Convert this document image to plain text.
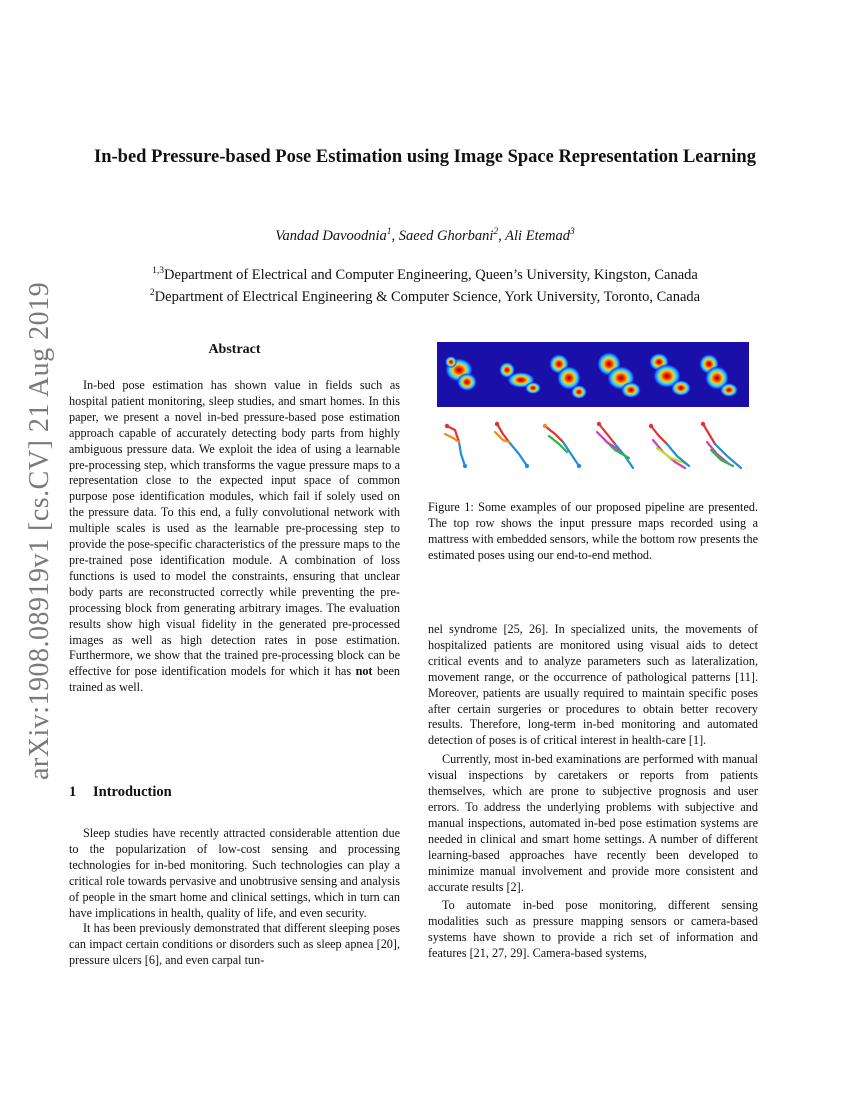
arXiv:1908.08919v1 [cs.CV] 21 Aug 2019
In-bed Pressure-based Pose Estimation using Image Space Representation Learning
Vandad Davoodnia$^1$, Saeed Ghorbani$^2$, Ali Etemad$^3$
$^{1,3}$Department of Electrical and Computer Engineering, Queen’s University, Kingston, Canada
$^2$Department of Electrical Engineering & Computer Science, York University, Toronto, Canada
Abstract

In-bed pose estimation has shown value in fields such as hospital patient monitoring, sleep studies, and smart homes. In this paper, we present a novel in-bed pressure-based pose estimation approach capable of accurately detecting body parts from highly ambiguous pressure data. We exploit the idea of using a learnable pre-processing step, which transforms the vague pressure maps to a representation close to the expected input space of common purpose pose identification modules, which fail if solely used on the pressure data. To this end, a fully convolutional network with multiple scales is used as the learnable pre-processing step to provide the pose-specific characteristics of the pressure maps to the pre-trained pose identification module. A combination of loss functions is used to model the constraints, ensuring that unclear body parts are reconstructed correctly while preventing the pre-processing block from generating arbitrary images. The evaluation results show high visual fidelity in the generated pre-processed images as well as high detection rates in pose estimation. Furthermore, we show that the trained pre-processing block can be effective for pose identification models for which it has not been trained as well.

1 Introduction

Sleep studies have recently attracted considerable attention due to the popularization of low-cost sensing and processing technologies for in-bed monitoring. Such technologies can play a critical role towards pervasive and unobtrusive sensing and analysis of people in the smart home and clinical settings, which in turn can have implications in health, quality of life, and even security.

It has been previously demonstrated that different sleeping poses can impact certain conditions or disorders such as sleep apnea [20], pressure ulcers [6], and even carpal tun-

Figure 1: Some examples of our proposed pipeline are presented. The top row shows the input pressure maps recorded using a mattress with embedded sensors, while the bottom row presents the estimated poses using our end-to-end method.

nel syndrome [25, 26]. In specialized units, the movements of hospitalized patients are monitored using visual aids to detect critical events and to analyze parameters such as lateralization, movement range, or the occurrence of pathological patterns [11]. Moreover, patients are usually required to maintain specific poses after certain surgeries or procedures to obtain better recovery results. Therefore, long-term in-bed monitoring and automated detection of poses is of critical interest in health-care [1].

Currently, most in-bed examinations are performed with manual visual inspections by caretakers or reports from patients themselves, which are prone to subjective prognosis and user errors. To address the underlying problems with subjective and manual inspections, automated in-bed pose estimation systems are needed in clinical and smart home settings. A number of different learning-based approaches have recently been developed to minimize manual involvement and provide more consistent and accurate results [2].

To automate in-bed pose monitoring, different sensing modalities such as pressure mapping sensors or camera-based systems have shown to provide a rich set of information and features [21, 27, 29]. Camera-based systems,
